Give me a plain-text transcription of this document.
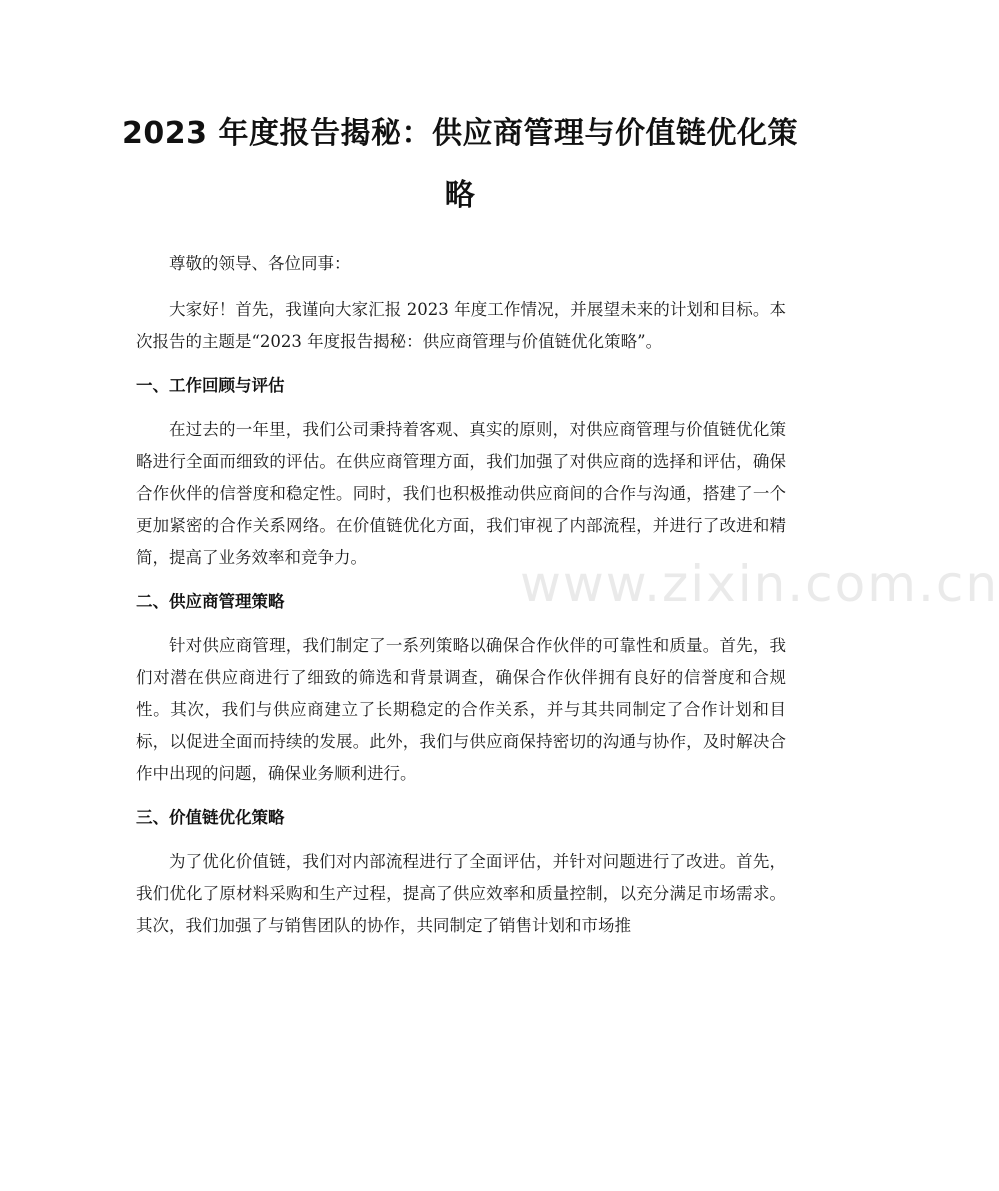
2023 年度报告揭秘：供应商管理与价值链优化策略

尊敬的领导、各位同事：

大家好！首先，我谨向大家汇报 2023 年度工作情况，并展望未来的计划和目标。本次报告的主题是“2023 年度报告揭秘：供应商管理与价值链优化策略”。

一、工作回顾与评估

在过去的一年里，我们公司秉持着客观、真实的原则，对供应商管理与价值链优化策略进行全面而细致的评估。在供应商管理方面，我们加强了对供应商的选择和评估，确保合作伙伴的信誉度和稳定性。同时，我们也积极推动供应商间的合作与沟通，搭建了一个更加紧密的合作关系网络。在价值链优化方面，我们审视了内部流程，并进行了改进和精简，提高了业务效率和竞争力。

二、供应商管理策略

针对供应商管理，我们制定了一系列策略以确保合作伙伴的可靠性和质量。首先，我们对潜在供应商进行了细致的筛选和背景调查，确保合作伙伴拥有良好的信誉度和合规性。其次，我们与供应商建立了长期稳定的合作关系，并与其共同制定了合作计划和目标，以促进全面而持续的发展。此外，我们与供应商保持密切的沟通与协作，及时解决合作中出现的问题，确保业务顺利进行。

三、价值链优化策略

为了优化价值链，我们对内部流程进行了全面评估，并针对问题进行了改进。首先，我们优化了原材料采购和生产过程，提高了供应效率和质量控制，以充分满足市场需求。其次，我们加强了与销售团队的协作，共同制定了销售计划和市场推

www.zixin.com.cn
